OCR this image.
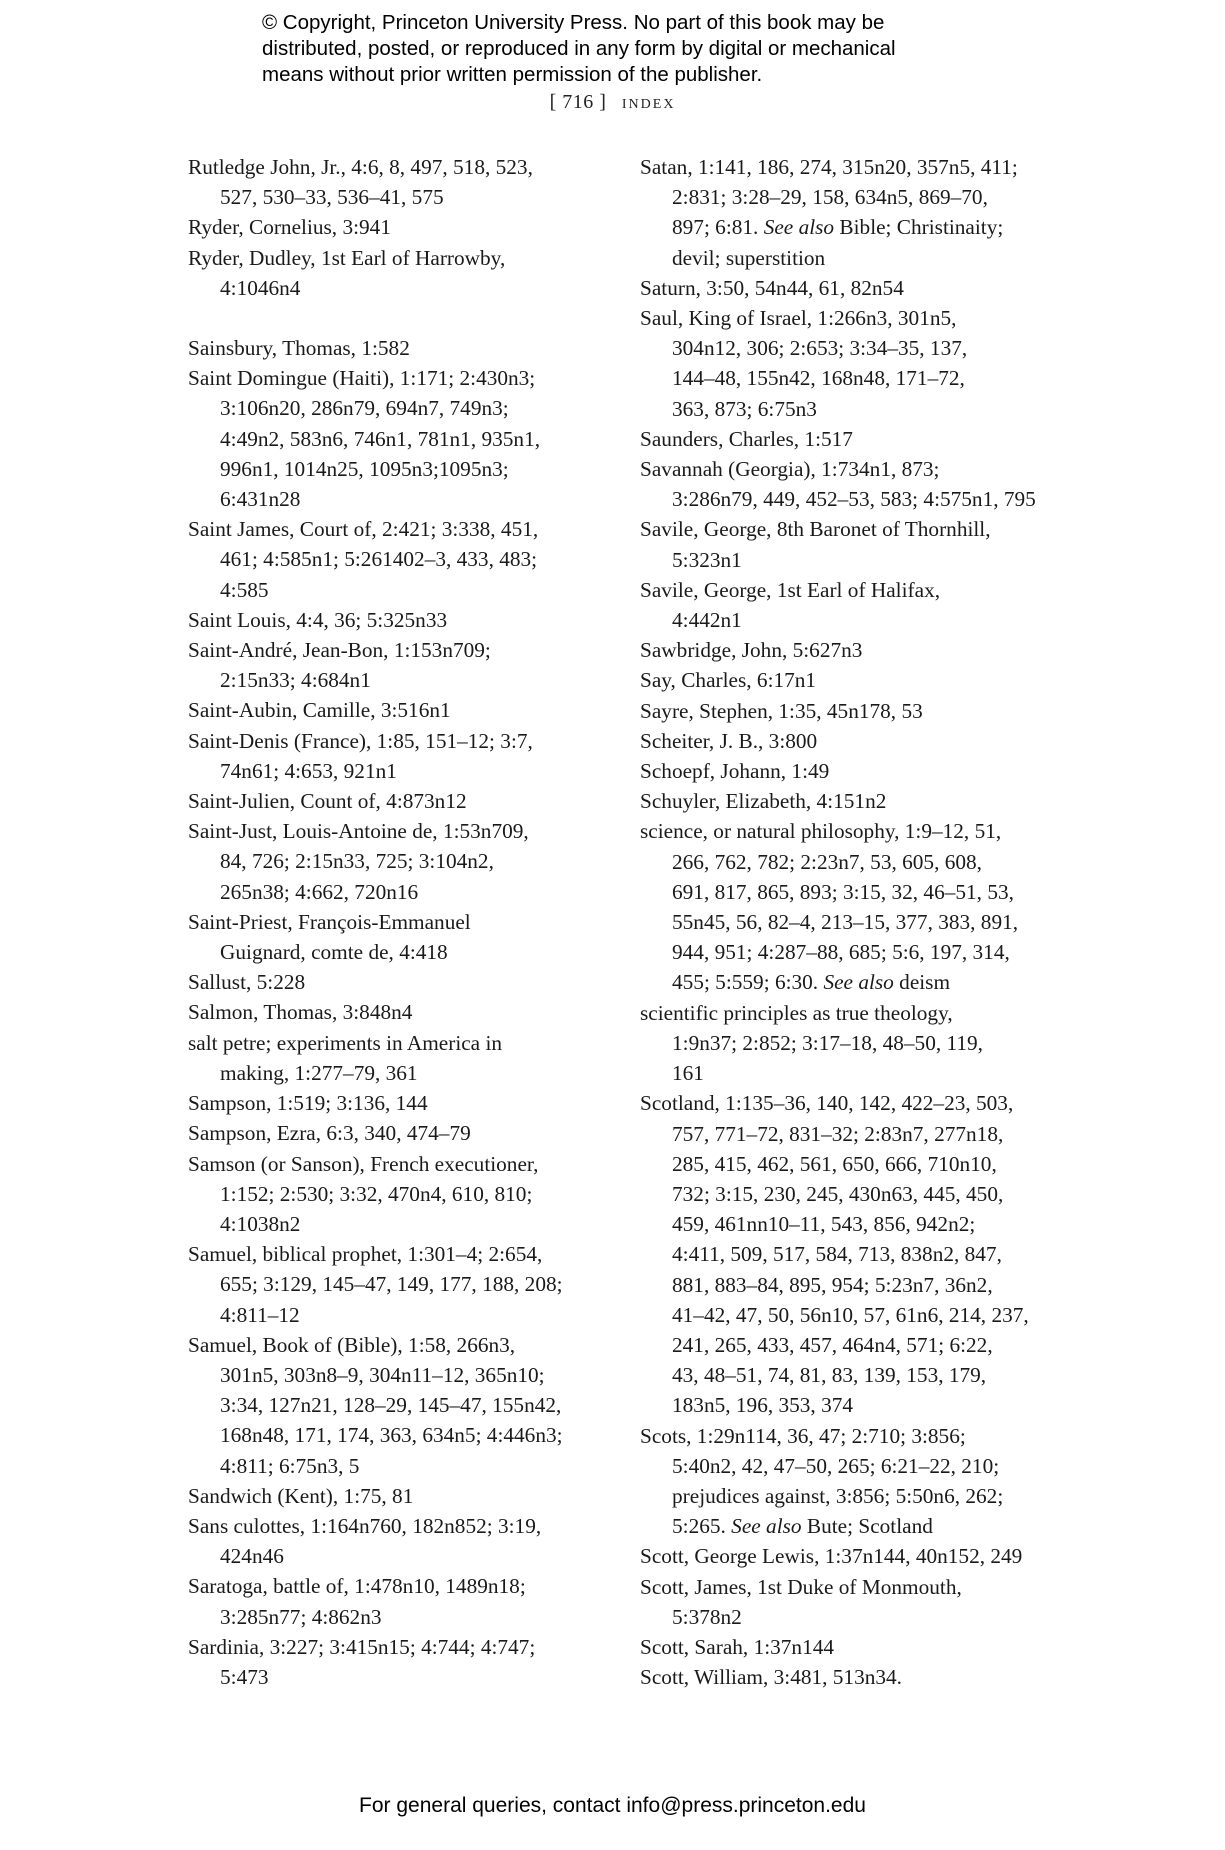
© Copyright, Princeton University Press. No part of this book may be
distributed, posted, or reproduced in any form by digital or mechanical
means without prior written permission of the publisher.
[ 716 ] index
Rutledge John, Jr., 4:6, 8, 497, 518, 523,
527, 530–33, 536–41, 575
Ryder, Cornelius, 3:941
Ryder, Dudley, 1st Earl of Harrowby,
4:1046n4
Sainsbury, Thomas, 1:582
Saint Domingue (Haiti), 1:171; 2:430n3;
3:106n20, 286n79, 694n7, 749n3;
4:49n2, 583n6, 746n1, 781n1, 935n1,
996n1, 1014n25, 1095n3;1095n3;
6:431n28
Saint James, Court of, 2:421; 3:338, 451,
461; 4:585n1; 5:261402–3, 433, 483;
4:585
Saint Louis, 4:4, 36; 5:325n33
Saint-André, Jean-Bon, 1:153n709;
2:15n33; 4:684n1
Saint-Aubin, Camille, 3:516n1
Saint-Denis (France), 1:85, 151–12; 3:7,
74n61; 4:653, 921n1
Saint-Julien, Count of, 4:873n12
Saint-Just, Louis-Antoine de, 1:53n709,
84, 726; 2:15n33, 725; 3:104n2,
265n38; 4:662, 720n16
Saint-Priest, François-Emmanuel
Guignard, comte de, 4:418
Sallust, 5:228
Salmon, Thomas, 3:848n4
salt petre; experiments in America in
making, 1:277–79, 361
Sampson, 1:519; 3:136, 144
Sampson, Ezra, 6:3, 340, 474–79
Samson (or Sanson), French executioner,
1:152; 2:530; 3:32, 470n4, 610, 810;
4:1038n2
Samuel, biblical prophet, 1:301–4; 2:654,
655; 3:129, 145–47, 149, 177, 188, 208;
4:811–12
Samuel, Book of (Bible), 1:58, 266n3,
301n5, 303n8–9, 304n11–12, 365n10;
3:34, 127n21, 128–29, 145–47, 155n42,
168n48, 171, 174, 363, 634n5; 4:446n3;
4:811; 6:75n3, 5
Sandwich (Kent), 1:75, 81
Sans culottes, 1:164n760, 182n852; 3:19,
424n46
Saratoga, battle of, 1:478n10, 1489n18;
3:285n77; 4:862n3
Sardinia, 3:227; 3:415n15; 4:744; 4:747;
5:473
Satan, 1:141, 186, 274, 315n20, 357n5, 411;
2:831; 3:28–29, 158, 634n5, 869–70,
897; 6:81. See also Bible; Christinaity;
devil; superstition
Saturn, 3:50, 54n44, 61, 82n54
Saul, King of Israel, 1:266n3, 301n5,
304n12, 306; 2:653; 3:34–35, 137,
144–48, 155n42, 168n48, 171–72,
363, 873; 6:75n3
Saunders, Charles, 1:517
Savannah (Georgia), 1:734n1, 873;
3:286n79, 449, 452–53, 583; 4:575n1, 795
Savile, George, 8th Baronet of Thornhill,
5:323n1
Savile, George, 1st Earl of Halifax,
4:442n1
Sawbridge, John, 5:627n3
Say, Charles, 6:17n1
Sayre, Stephen, 1:35, 45n178, 53
Scheiter, J. B., 3:800
Schoepf, Johann, 1:49
Schuyler, Elizabeth, 4:151n2
science, or natural philosophy, 1:9–12, 51,
266, 762, 782; 2:23n7, 53, 605, 608,
691, 817, 865, 893; 3:15, 32, 46–51, 53,
55n45, 56, 82–4, 213–15, 377, 383, 891,
944, 951; 4:287–88, 685; 5:6, 197, 314,
455; 5:559; 6:30. See also deism
scientific principles as true theology,
1:9n37; 2:852; 3:17–18, 48–50, 119,
161
Scotland, 1:135–36, 140, 142, 422–23, 503,
757, 771–72, 831–32; 2:83n7, 277n18,
285, 415, 462, 561, 650, 666, 710n10,
732; 3:15, 230, 245, 430n63, 445, 450,
459, 461nn10–11, 543, 856, 942n2;
4:411, 509, 517, 584, 713, 838n2, 847,
881, 883–84, 895, 954; 5:23n7, 36n2,
41–42, 47, 50, 56n10, 57, 61n6, 214, 237,
241, 265, 433, 457, 464n4, 571; 6:22,
43, 48–51, 74, 81, 83, 139, 153, 179,
183n5, 196, 353, 374
Scots, 1:29n114, 36, 47; 2:710; 3:856;
5:40n2, 42, 47–50, 265; 6:21–22, 210;
prejudices against, 3:856; 5:50n6, 262;
5:265. See also Bute; Scotland
Scott, George Lewis, 1:37n144, 40n152, 249
Scott, James, 1st Duke of Monmouth,
5:378n2
Scott, Sarah, 1:37n144
Scott, William, 3:481, 513n34.
For general queries, contact info@press.princeton.edu
